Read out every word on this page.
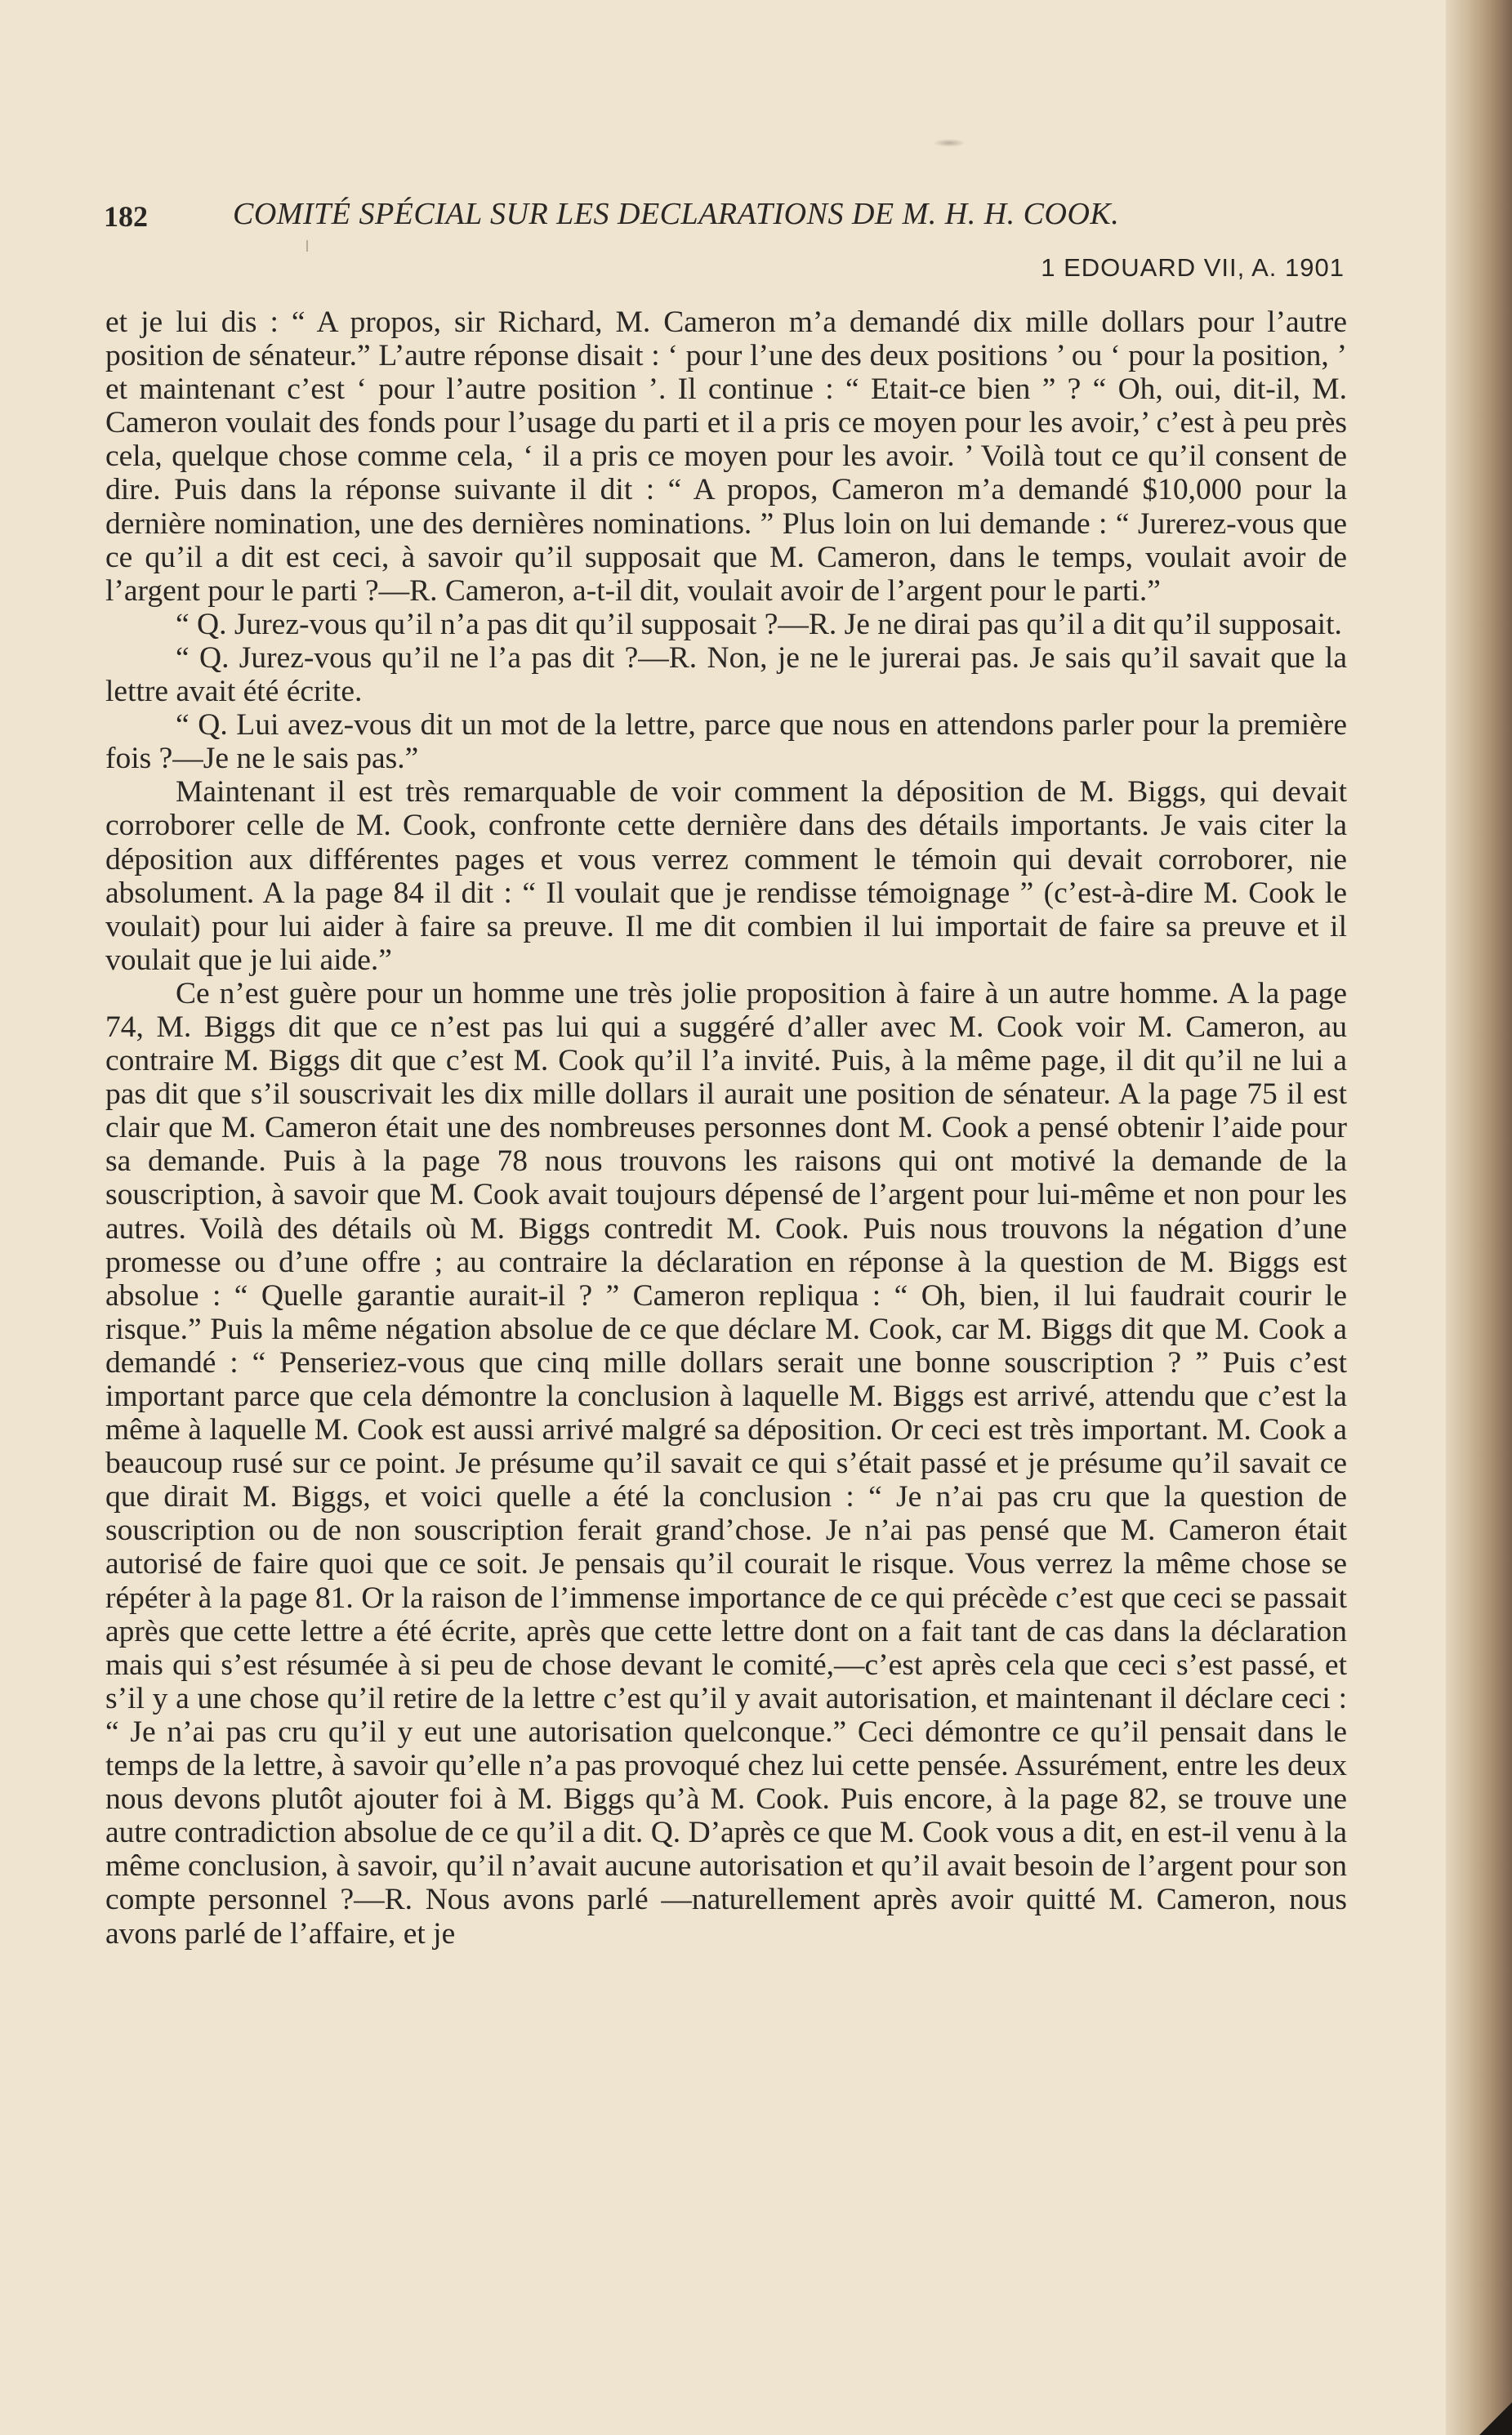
182	COMITÉ SPÉCIAL SUR LES DECLARATIONS DE M. H. H. COOK.
1 EDOUARD VII, A. 1901

et je lui dis : “ A propos, sir Richard, M. Cameron m’a demandé dix mille dollars pour l’autre position de sénateur.” L’autre réponse disait : ‘ pour l’une des deux positions ’ ou ‘ pour la position, ’ et maintenant c’est ‘ pour l’autre position ’. Il continue : “ Etait-ce bien ” ? “ Oh, oui, dit-il, M. Cameron voulait des fonds pour l’usage du parti et il a pris ce moyen pour les avoir,’ c’est à peu près cela, quelque chose comme cela, ‘ il a pris ce moyen pour les avoir. ’ Voilà tout ce qu’il consent de dire. Puis dans la réponse suivante il dit : “ A propos, Cameron m’a demandé $10,000 pour la dernière nomination, une des dernières nominations. ” Plus loin on lui demande : “ Jurerez-vous que ce qu’il a dit est ceci, à savoir qu’il supposait que M. Cameron, dans le temps, voulait avoir de l’argent pour le parti ?—R. Cameron, a-t-il dit, voulait avoir de l’argent pour le parti.”

“ Q. Jurez-vous qu’il n’a pas dit qu’il supposait ?—R. Je ne dirai pas qu’il a dit qu’il supposait.

“ Q. Jurez-vous qu’il ne l’a pas dit ?—R. Non, je ne le jurerai pas. Je sais qu’il savait que la lettre avait été écrite.

“ Q. Lui avez-vous dit un mot de la lettre, parce que nous en attendons parler pour la première fois ?—Je ne le sais pas.”

Maintenant il est très remarquable de voir comment la déposition de M. Biggs, qui devait corroborer celle de M. Cook, confronte cette dernière dans des détails importants. Je vais citer la déposition aux différentes pages et vous verrez comment le témoin qui devait corroborer, nie absolument. A la page 84 il dit : “ Il voulait que je rendisse témoignage ” (c’est-à-dire M. Cook le voulait) pour lui aider à faire sa preuve. Il me dit combien il lui importait de faire sa preuve et il voulait que je lui aide.”

Ce n’est guère pour un homme une très jolie proposition à faire à un autre homme. A la page 74, M. Biggs dit que ce n’est pas lui qui a suggéré d’aller avec M. Cook voir M. Cameron, au contraire M. Biggs dit que c’est M. Cook qu’il l’a invité. Puis, à la même page, il dit qu’il ne lui a pas dit que s’il souscrivait les dix mille dollars il aurait une position de sénateur. A la page 75 il est clair que M. Cameron était une des nombreuses personnes dont M. Cook a pensé obtenir l’aide pour sa demande. Puis à la page 78 nous trouvons les raisons qui ont motivé la demande de la souscription, à savoir que M. Cook avait toujours dépensé de l’argent pour lui-même et non pour les autres. Voilà des détails où M. Biggs contredit M. Cook. Puis nous trouvons la négation d’une promesse ou d’une offre ; au contraire la déclaration en réponse à la question de M. Biggs est absolue : “ Quelle garantie aurait-il ? ” Cameron repliqua : “ Oh, bien, il lui faudrait courir le risque.” Puis la même négation absolue de ce que déclare M. Cook, car M. Biggs dit que M. Cook a demandé : “ Penseriez-vous que cinq mille dollars serait une bonne souscription ? ” Puis c’est important parce que cela démontre la conclusion à laquelle M. Biggs est arrivé, attendu que c’est la même à laquelle M. Cook est aussi arrivé malgré sa déposition. Or ceci est très important. M. Cook a beaucoup rusé sur ce point. Je présume qu’il savait ce qui s’était passé et je présume qu’il savait ce que dirait M. Biggs, et voici quelle a été la conclusion : “ Je n’ai pas cru que la question de souscription ou de non souscription ferait grand’chose. Je n’ai pas pensé que M. Cameron était autorisé de faire quoi que ce soit. Je pensais qu’il courait le risque. Vous verrez la même chose se répéter à la page 81. Or la raison de l’immense importance de ce qui précède c’est que ceci se passait après que cette lettre a été écrite, après que cette lettre dont on a fait tant de cas dans la déclaration mais qui s’est résumée à si peu de chose devant le comité,—c’est après cela que ceci s’est passé, et s’il y a une chose qu’il retire de la lettre c’est qu’il y avait autorisation, et maintenant il déclare ceci : “ Je n’ai pas cru qu’il y eut une autorisation quelconque.” Ceci démontre ce qu’il pensait dans le temps de la lettre, à savoir qu’elle n’a pas provoqué chez lui cette pensée. Assurément, entre les deux nous devons plutôt ajouter foi à M. Biggs qu’à M. Cook. Puis encore, à la page 82, se trouve une autre contradiction absolue de ce qu’il a dit. Q. D’après ce que M. Cook vous a dit, en est-il venu à la même conclusion, à savoir, qu’il n’avait aucune autorisation et qu’il avait besoin de l’argent pour son compte personnel ?—R. Nous avons parlé —naturellement après avoir quitté M. Cameron, nous avons parlé de l’affaire, et je
